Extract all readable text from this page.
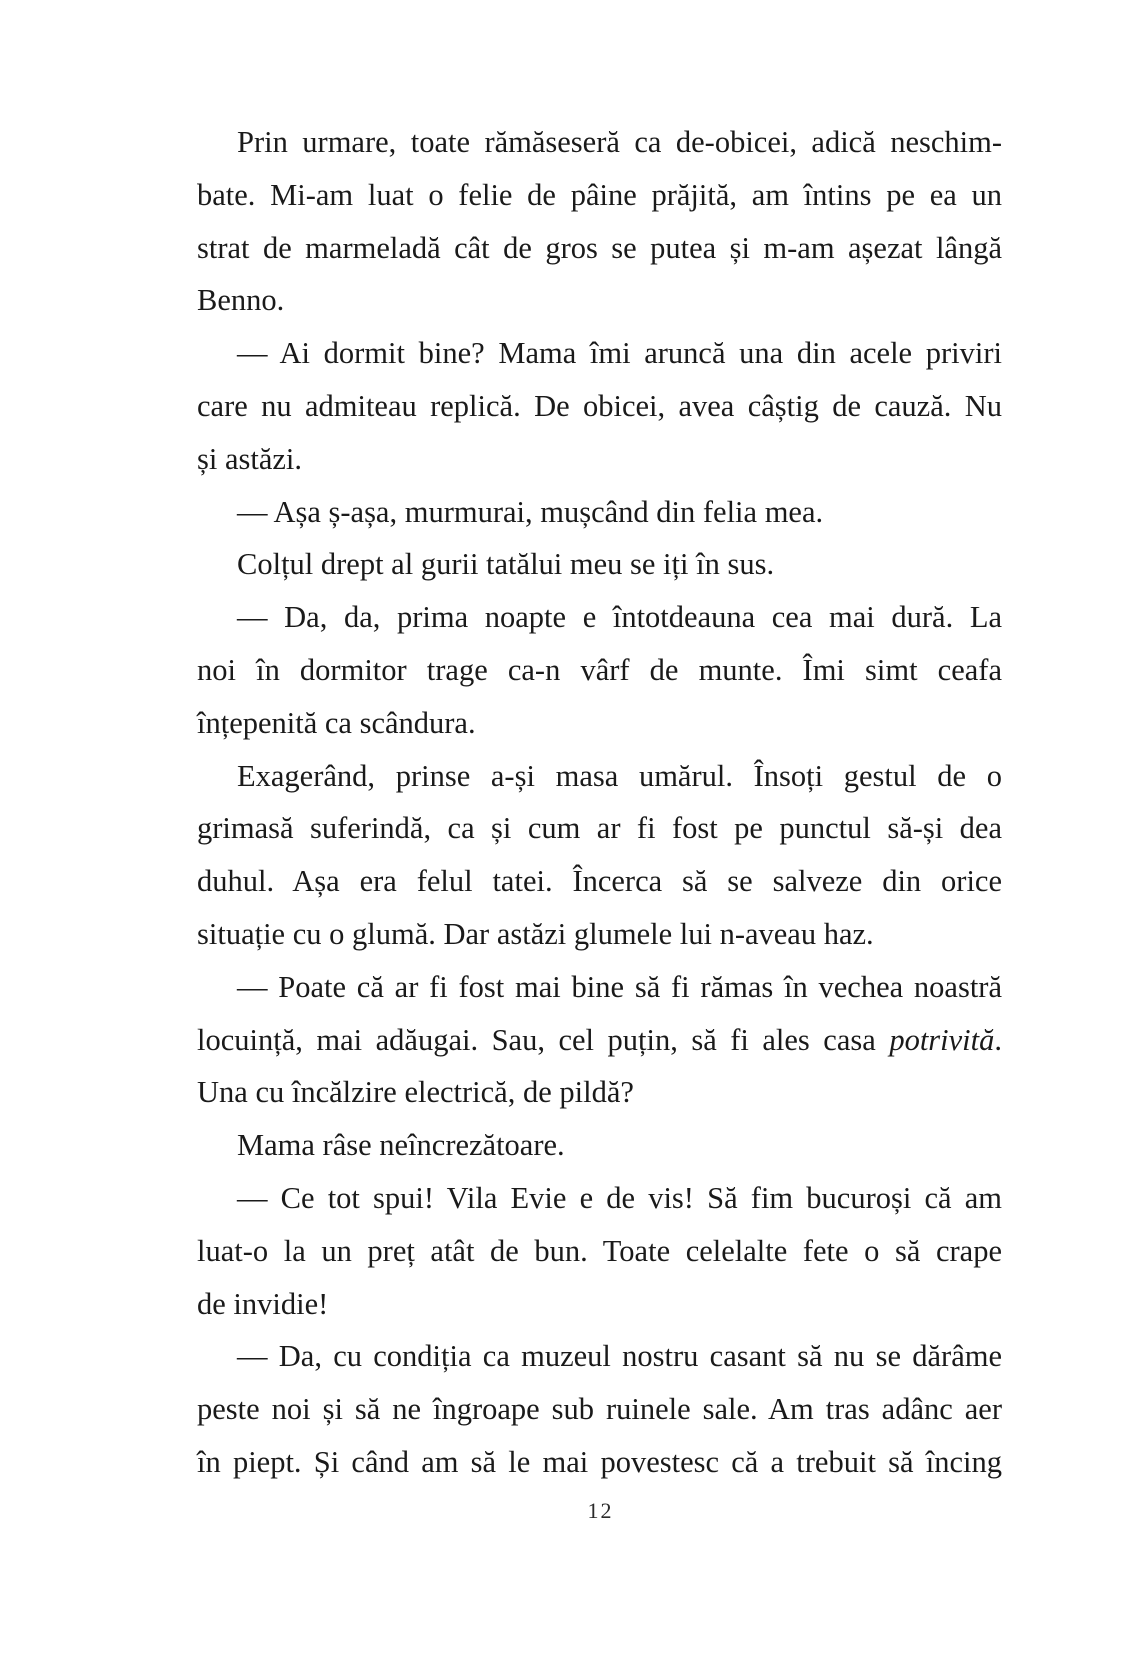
Prin urmare, toate rămăseseră ca de-obicei, adică neschim-
bate. Mi-am luat o felie de pâine prăjită, am întins pe ea un
strat de marmeladă cât de gros se putea și m-am așezat lângă
Benno.
— Ai dormit bine? Mama îmi aruncă una din acele priviri
care nu admiteau replică. De obicei, avea câștig de cauză. Nu
și astăzi.
— Așa ș-așa, murmurai, mușcând din felia mea.
Colțul drept al gurii tatălui meu se iți în sus.
— Da, da, prima noapte e întotdeauna cea mai dură. La
noi în dormitor trage ca-n vârf de munte. Îmi simt ceafa
înțepenită ca scândura.
Exagerând, prinse a-și masa umărul. Însoți gestul de o
grimasă suferindă, ca și cum ar fi fost pe punctul să-și dea
duhul. Așa era felul tatei. Încerca să se salveze din orice
situație cu o glumă. Dar astăzi glumele lui n-aveau haz.
— Poate că ar fi fost mai bine să fi rămas în vechea noastră
locuință, mai adăugai. Sau, cel puțin, să fi ales casa potrivită.
Una cu încălzire electrică, de pildă?
Mama râse neîncrezătoare.
— Ce tot spui! Vila Evie e de vis! Să fim bucuroși că am
luat-o la un preț atât de bun. Toate celelalte fete o să crape
de invidie!
— Da, cu condiția ca muzeul nostru casant să nu se dărâme
peste noi și să ne îngroape sub ruinele sale. Am tras adânc aer
în piept. Și când am să le mai povestesc că a trebuit să încing
12
